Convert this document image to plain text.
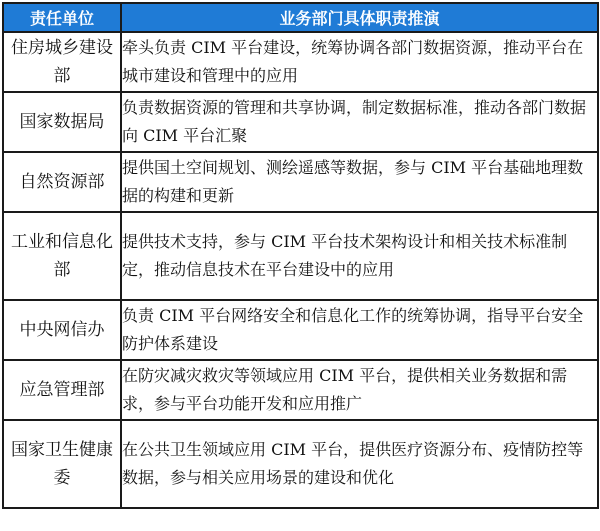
责任单位	业务部门具体职责推演
住房城乡建设部	牵头负责 CIM 平台建设，统筹协调各部门数据资源，推动平台在城市建设和管理中的应用
国家数据局	负责数据资源的管理和共享协调，制定数据标准，推动各部门数据向 CIM 平台汇聚
自然资源部	提供国土空间规划、测绘遥感等数据，参与 CIM 平台基础地理数据的构建和更新
工业和信息化部	提供技术支持，参与 CIM 平台技术架构设计和相关技术标准制定，推动信息技术在平台建设中的应用
中央网信办	负责 CIM 平台网络安全和信息化工作的统筹协调，指导平台安全防护体系建设
应急管理部	在防灾减灾救灾等领域应用 CIM 平台，提供相关业务数据和需求，参与平台功能开发和应用推广
国家卫生健康委	在公共卫生领域应用 CIM 平台，提供医疗资源分布、疫情防控等数据，参与相关应用场景的建设和优化
